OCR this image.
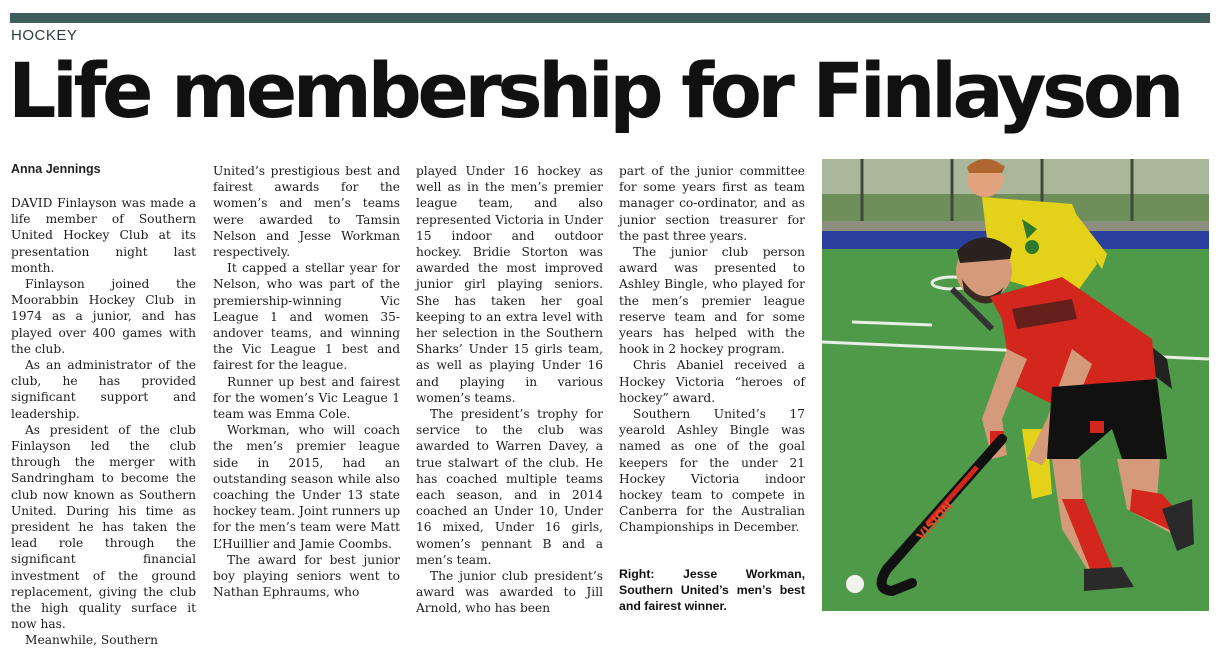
HOCKEY
Life membership for Finlayson
Anna Jennings

DAVID Finlayson was made a life member of Southern United Hockey Club at its presentation night last month.

Finlayson joined the Moorabbin Hockey Club in 1974 as a junior, and has played over 400 games with the club.

As an administrator of the club, he has provided significant support and leadership.

As president of the club Finlayson led the club through the merger with Sandringham to become the club now known as Southern United. During his time as president he has taken the lead role through the significant financial investment of the ground replacement, giving the club the high quality surface it now has.

Meanwhile, Southern

United’s prestigious best and fairest awards for the women’s and men’s teams were awarded to Tamsin Nelson and Jesse Workman respectively.

It capped a stellar year for Nelson, who was part of the premiership-winning Vic League 1 and women 35-andover teams, and winning the Vic League 1 best and fairest for the league.

Runner up best and fairest for the women’s Vic League 1 team was Emma Cole.

Workman, who will coach the men’s premier league side in 2015, had an outstanding season while also coaching the Under 13 state hockey team. Joint runners up for the men’s team were Matt L’Huillier and Jamie Coombs.

The award for best junior boy playing seniors went to Nathan Ephraums, who

played Under 16 hockey as well as in the men’s premier league team, and also represented Victoria in Under 15 indoor and outdoor hockey. Bridie Storton was awarded the most improved junior girl playing seniors. She has taken her goal keeping to an extra level with her selection in the Southern Sharks’ Under 15 girls team, as well as playing Under 16 and playing in various women’s teams.

The president’s trophy for service to the club was awarded to Warren Davey, a true stalwart of the club. He has coached multiple teams each season, and in 2014 coached an Under 10, Under 16 mixed, Under 16 girls, women’s pennant B and a men’s team.

The junior club president’s award was awarded to Jill Arnold, who has been

part of the junior committee for some years first as team manager co-ordinator, and as junior section treasurer for the past three years.

The junior club person award was presented to Ashley Bingle, who played for the men’s premier league reserve team and for some years has helped with the hook in 2 hockey program.

Chris Abaniel received a Hockey Victoria “heroes of hockey” award.

Southern United’s 17 yearold Ashley Bingle was named as one of the goal keepers for the under 21 Hockey Victoria indoor hockey team to compete in Canberra for the Australian Championships in December.

Right: Jesse Workman, Southern United’s men’s best and fairest winner.
VISION
